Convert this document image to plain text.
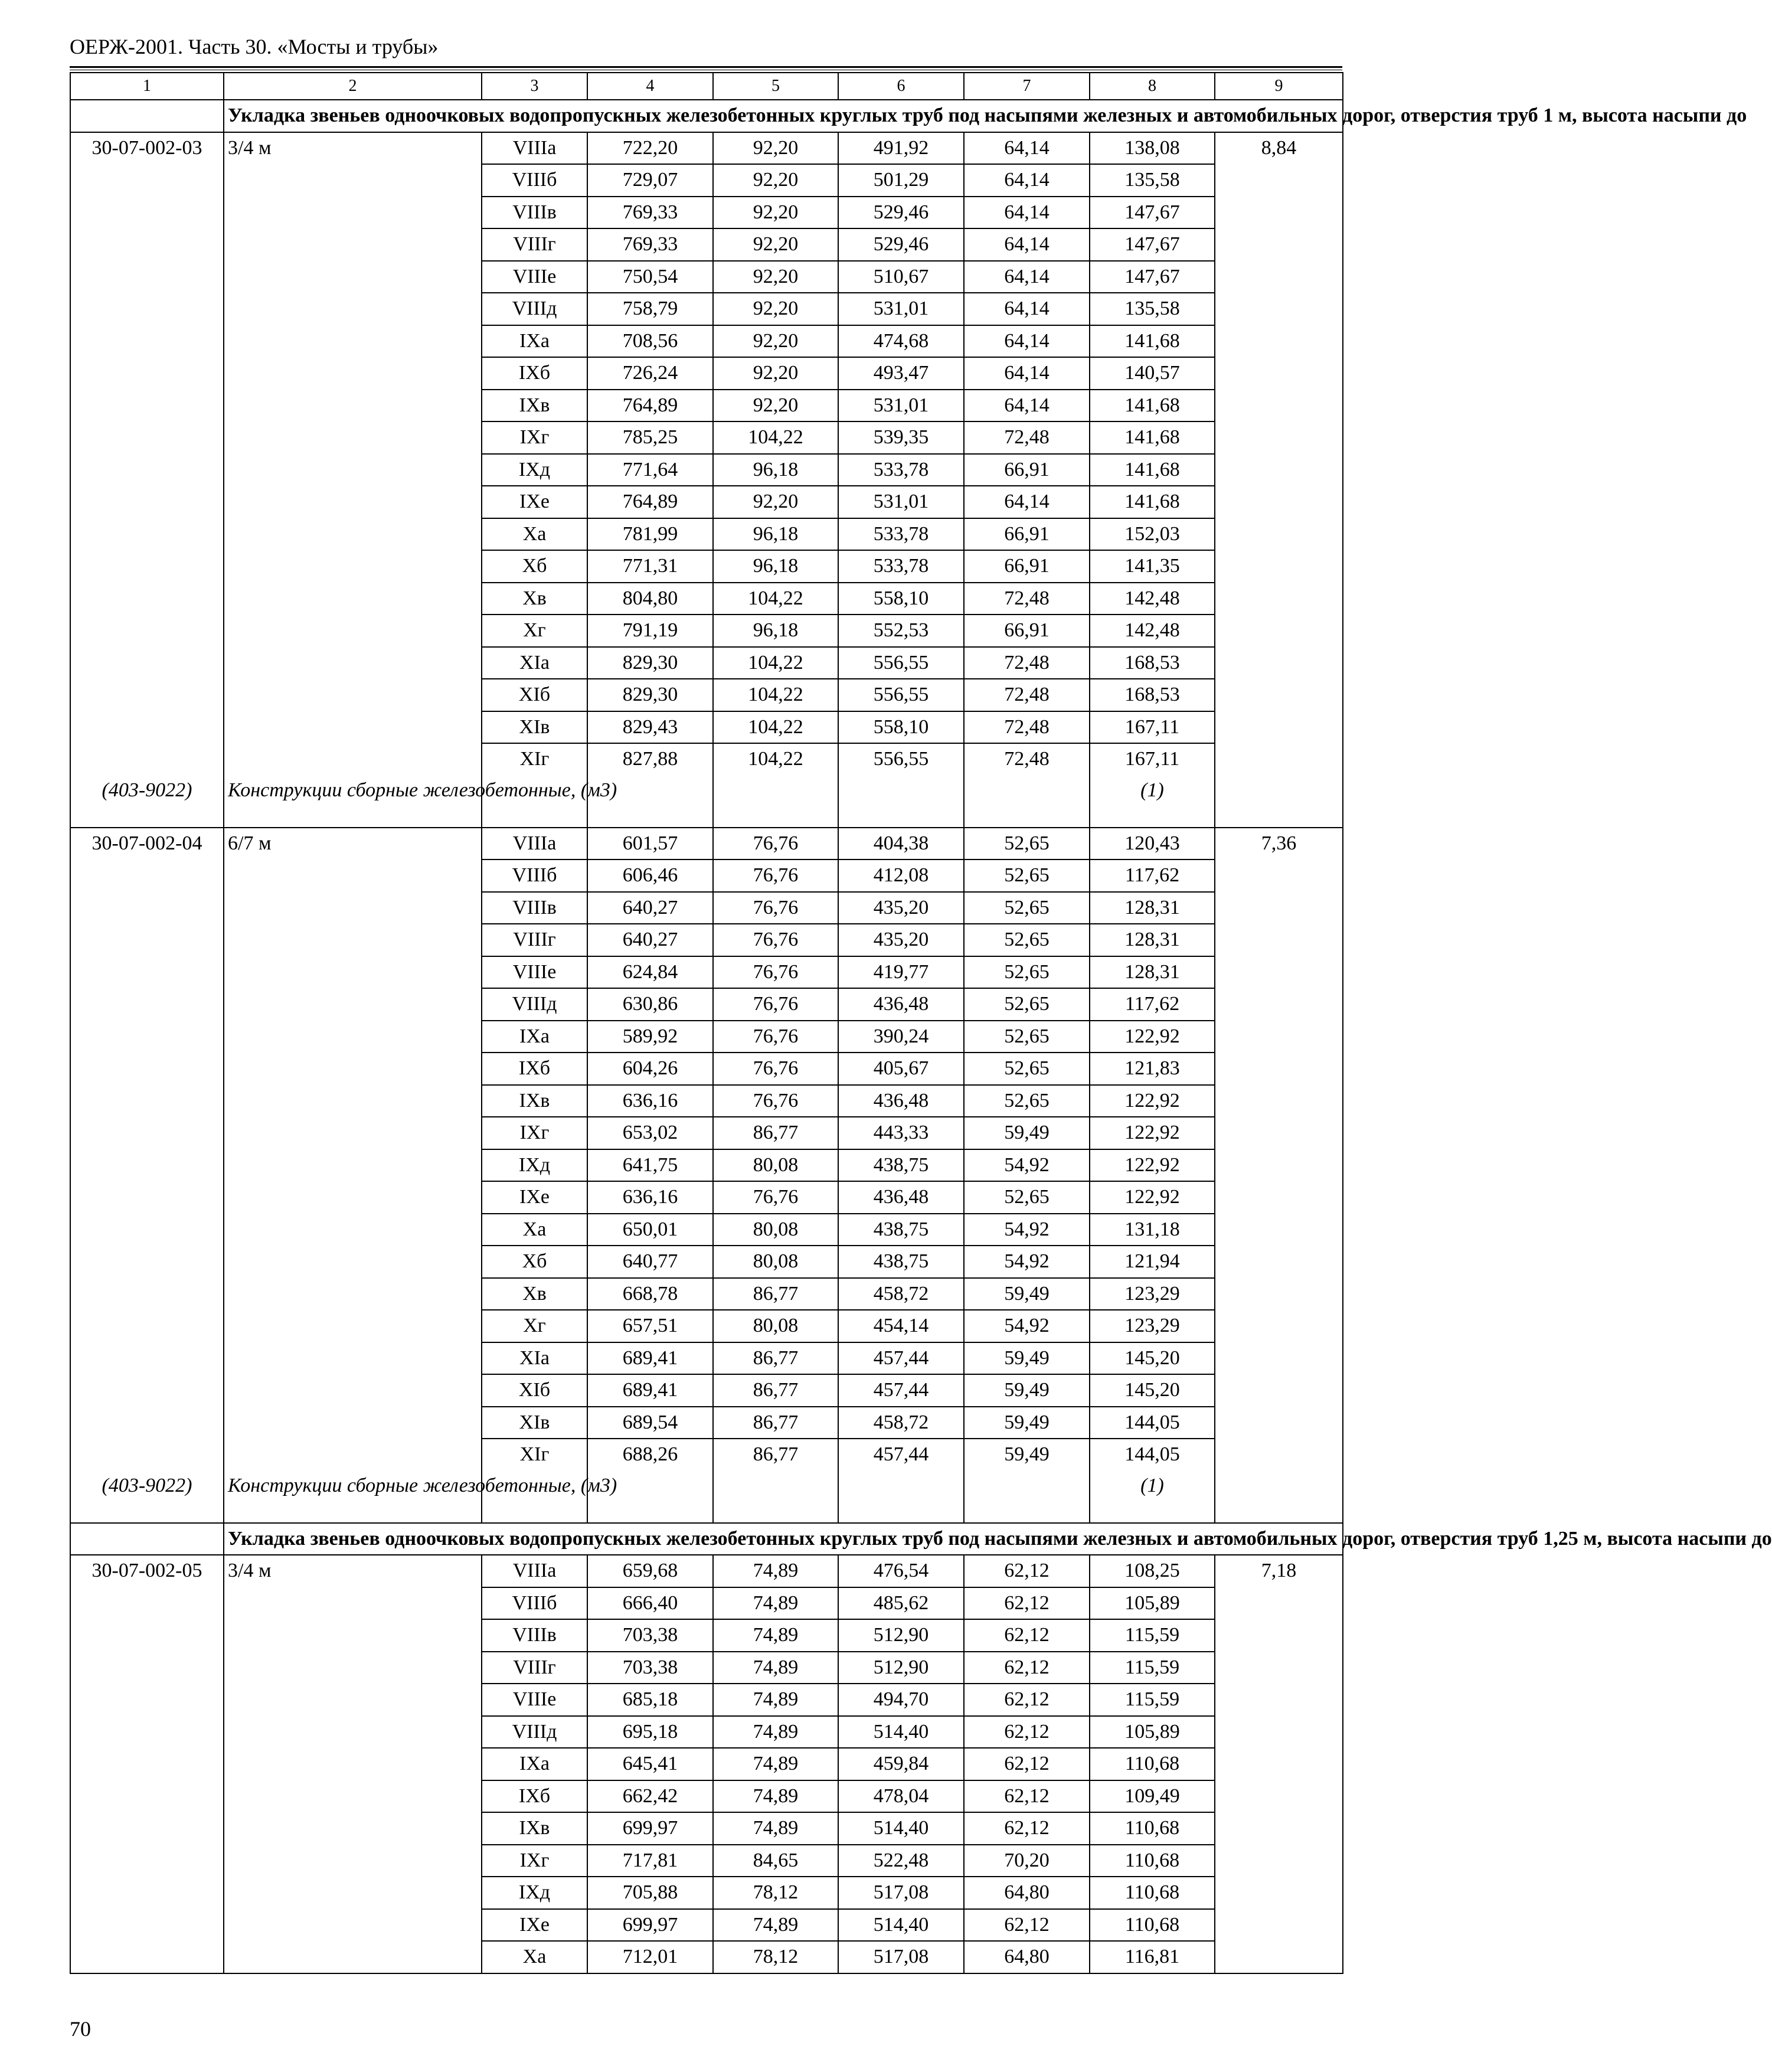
ОЕРЖ-2001. Часть 30. «Мосты и трубы»
1	2	3	4	5	6	7	8	9
	Укладка звеньев одноочковых водопропускных железобетонных круглых труб под насыпями железных и автомобильных дорог, отверстия труб 1 м, высота насыпи до							
30-07-002-03	3/4 м	VIIIа	722,20	92,20	491,92	64,14	138,08	8,84
		VIIIб	729,07	92,20	501,29	64,14	135,58	
		VIIIв	769,33	92,20	529,46	64,14	147,67	
		VIIIг	769,33	92,20	529,46	64,14	147,67	
		VIIIе	750,54	92,20	510,67	64,14	147,67	
		VIIIд	758,79	92,20	531,01	64,14	135,58	
		IXа	708,56	92,20	474,68	64,14	141,68	
		IXб	726,24	92,20	493,47	64,14	140,57	
		IXв	764,89	92,20	531,01	64,14	141,68	
		IXг	785,25	104,22	539,35	72,48	141,68	
		IXд	771,64	96,18	533,78	66,91	141,68	
		IXе	764,89	92,20	531,01	64,14	141,68	
		Xа	781,99	96,18	533,78	66,91	152,03	
		Xб	771,31	96,18	533,78	66,91	141,35	
		Xв	804,80	104,22	558,10	72,48	142,48	
		Xг	791,19	96,18	552,53	66,91	142,48	
		XIа	829,30	104,22	556,55	72,48	168,53	
		XIб	829,30	104,22	556,55	72,48	168,53	
		XIв	829,43	104,22	558,10	72,48	167,11	
		XIг	827,88	104,22	556,55	72,48	167,11	
(403-9022)	Конструкции сборные железобетонные, (м3)						(1)	
30-07-002-04	6/7 м	VIIIа	601,57	76,76	404,38	52,65	120,43	7,36
		VIIIб	606,46	76,76	412,08	52,65	117,62	
		VIIIв	640,27	76,76	435,20	52,65	128,31	
		VIIIг	640,27	76,76	435,20	52,65	128,31	
		VIIIе	624,84	76,76	419,77	52,65	128,31	
		VIIIд	630,86	76,76	436,48	52,65	117,62	
		IXа	589,92	76,76	390,24	52,65	122,92	
		IXб	604,26	76,76	405,67	52,65	121,83	
		IXв	636,16	76,76	436,48	52,65	122,92	
		IXг	653,02	86,77	443,33	59,49	122,92	
		IXд	641,75	80,08	438,75	54,92	122,92	
		IXе	636,16	76,76	436,48	52,65	122,92	
		Xа	650,01	80,08	438,75	54,92	131,18	
		Xб	640,77	80,08	438,75	54,92	121,94	
		Xв	668,78	86,77	458,72	59,49	123,29	
		Xг	657,51	80,08	454,14	54,92	123,29	
		XIа	689,41	86,77	457,44	59,49	145,20	
		XIб	689,41	86,77	457,44	59,49	145,20	
		XIв	689,54	86,77	458,72	59,49	144,05	
		XIг	688,26	86,77	457,44	59,49	144,05	
(403-9022)	Конструкции сборные железобетонные, (м3)						(1)	
	Укладка звеньев одноочковых водопропускных железобетонных круглых труб под насыпями железных и автомобильных дорог, отверстия труб 1,25 м, высота насыпи до							
30-07-002-05	3/4 м	VIIIа	659,68	74,89	476,54	62,12	108,25	7,18
		VIIIб	666,40	74,89	485,62	62,12	105,89	
		VIIIв	703,38	74,89	512,90	62,12	115,59	
		VIIIг	703,38	74,89	512,90	62,12	115,59	
		VIIIе	685,18	74,89	494,70	62,12	115,59	
		VIIIд	695,18	74,89	514,40	62,12	105,89	
		IXа	645,41	74,89	459,84	62,12	110,68	
		IXб	662,42	74,89	478,04	62,12	109,49	
		IXв	699,97	74,89	514,40	62,12	110,68	
		IXг	717,81	84,65	522,48	70,20	110,68	
		IXд	705,88	78,12	517,08	64,80	110,68	
		IXе	699,97	74,89	514,40	62,12	110,68	
		Xа	712,01	78,12	517,08	64,80	116,81	
70
